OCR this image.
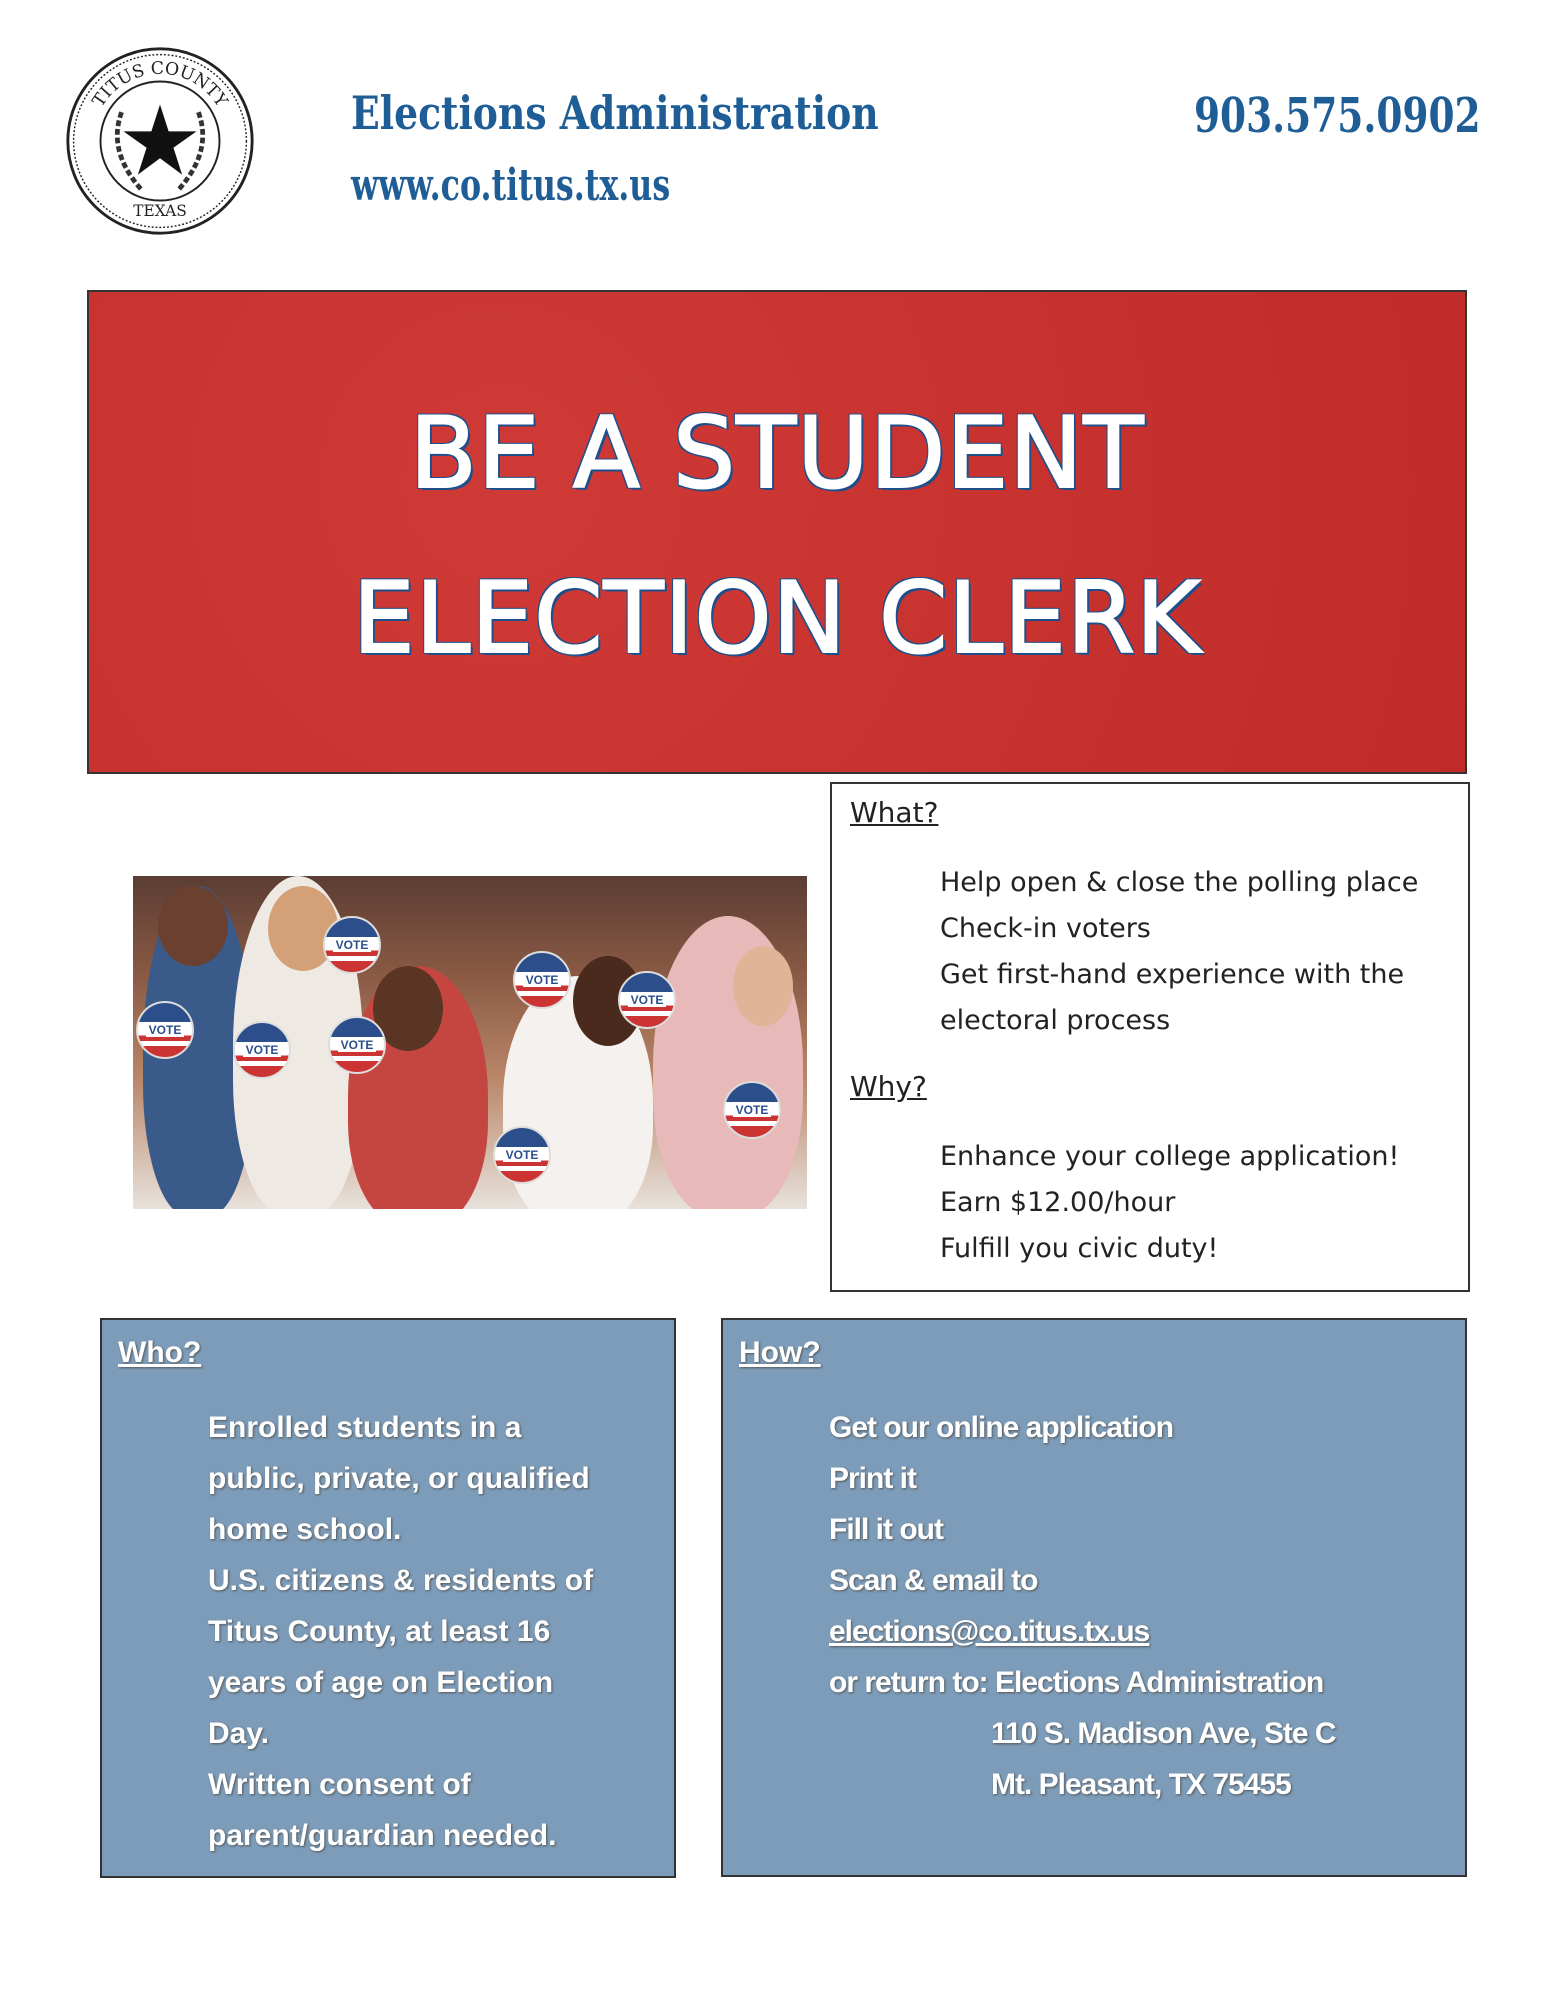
TITUS COUNTY
TEXAS
Elections Administration
www.co.titus.tx.us
903.575.0902
BE A STUDENT
ELECTION CLERK
VOTE
VOTE
VOTE
VOTE
VOTE
VOTE
VOTE
VOTE
What?
Help open & close the polling place
Check-in voters
Get first-hand experience with the
electoral process
Why?
Enhance your college application!
Earn $12.00/hour
Fulfill you civic duty!
Who?
Enrolled students in a
public, private, or qualified
home school.
U.S. citizens & residents of
Titus County, at least 16
years of age on Election
Day.
Written consent of
parent/guardian needed.
How?
Get our online application
Print it
Fill it out
Scan & email to
elections@co.titus.tx.us
or return to: Elections Administration
110 S. Madison Ave, Ste C
Mt. Pleasant, TX 75455
